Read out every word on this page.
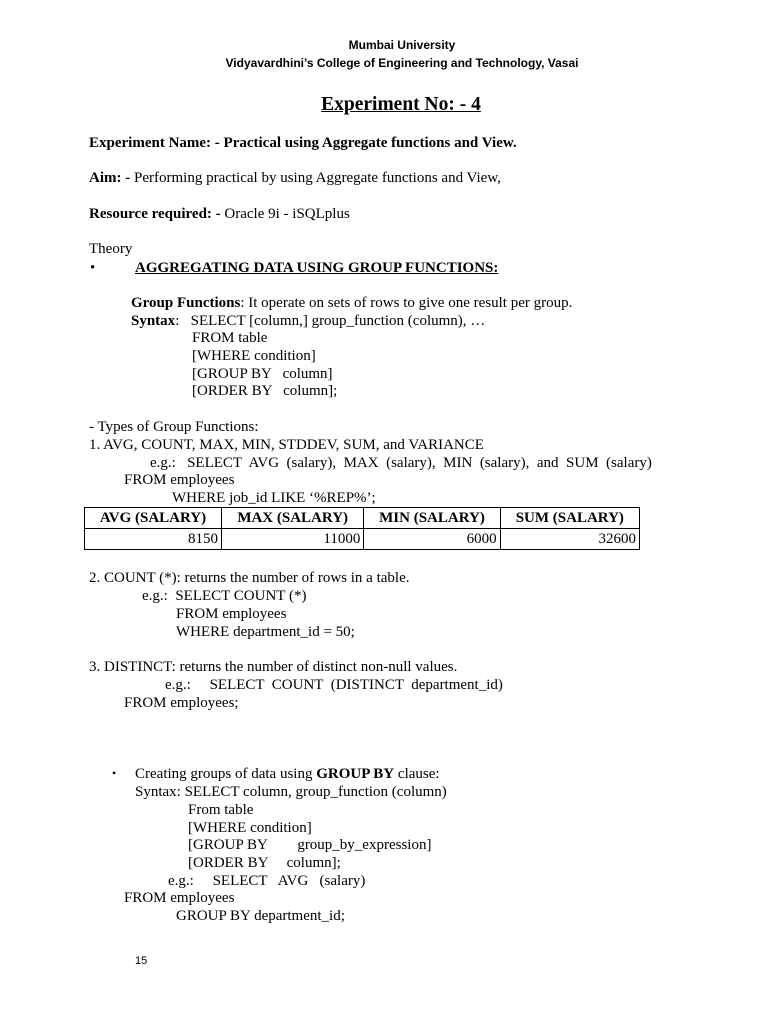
Mumbai University
Vidyavardhini’s College of Engineering and Technology, Vasai
Experiment No: - 4
Experiment Name: - Practical using Aggregate functions and View.
Aim: - Performing practical by using Aggregate functions and View,
Resource required: - Oracle 9i - iSQLplus
Theory
•	AGGREGATING DATA USING GROUP FUNCTIONS:
Group Functions: It operate on sets of rows to give one result per group.
Syntax:   SELECT [column,] group_function (column), …
FROM table
[WHERE condition]
[GROUP BY   column]
[ORDER BY   column];
- Types of Group Functions:
1. AVG, COUNT, MAX, MIN, STDDEV, SUM, and VARIANCE
e.g.:   SELECT  AVG  (salary),  MAX  (salary),  MIN  (salary),  and  SUM  (salary)
FROM employees
WHERE job_id LIKE ‘%REP%’;
AVG (SALARY)	MAX (SALARY)	MIN (SALARY)	SUM (SALARY)
8150	11000	6000	32600
2. COUNT (*): returns the number of rows in a table.
e.g.:  SELECT COUNT (*)
FROM employees
WHERE department_id = 50;
3. DISTINCT: returns the number of distinct non-null values.
e.g.:     SELECT  COUNT  (DISTINCT  department_id)
FROM employees;
• Creating groups of data using GROUP BY clause:
Syntax: SELECT column, group_function (column)
From table
[WHERE condition]
[GROUP BY        group_by_expression]
[ORDER BY     column];
e.g.:     SELECT   AVG   (salary)
FROM employees
GROUP BY department_id;
15
